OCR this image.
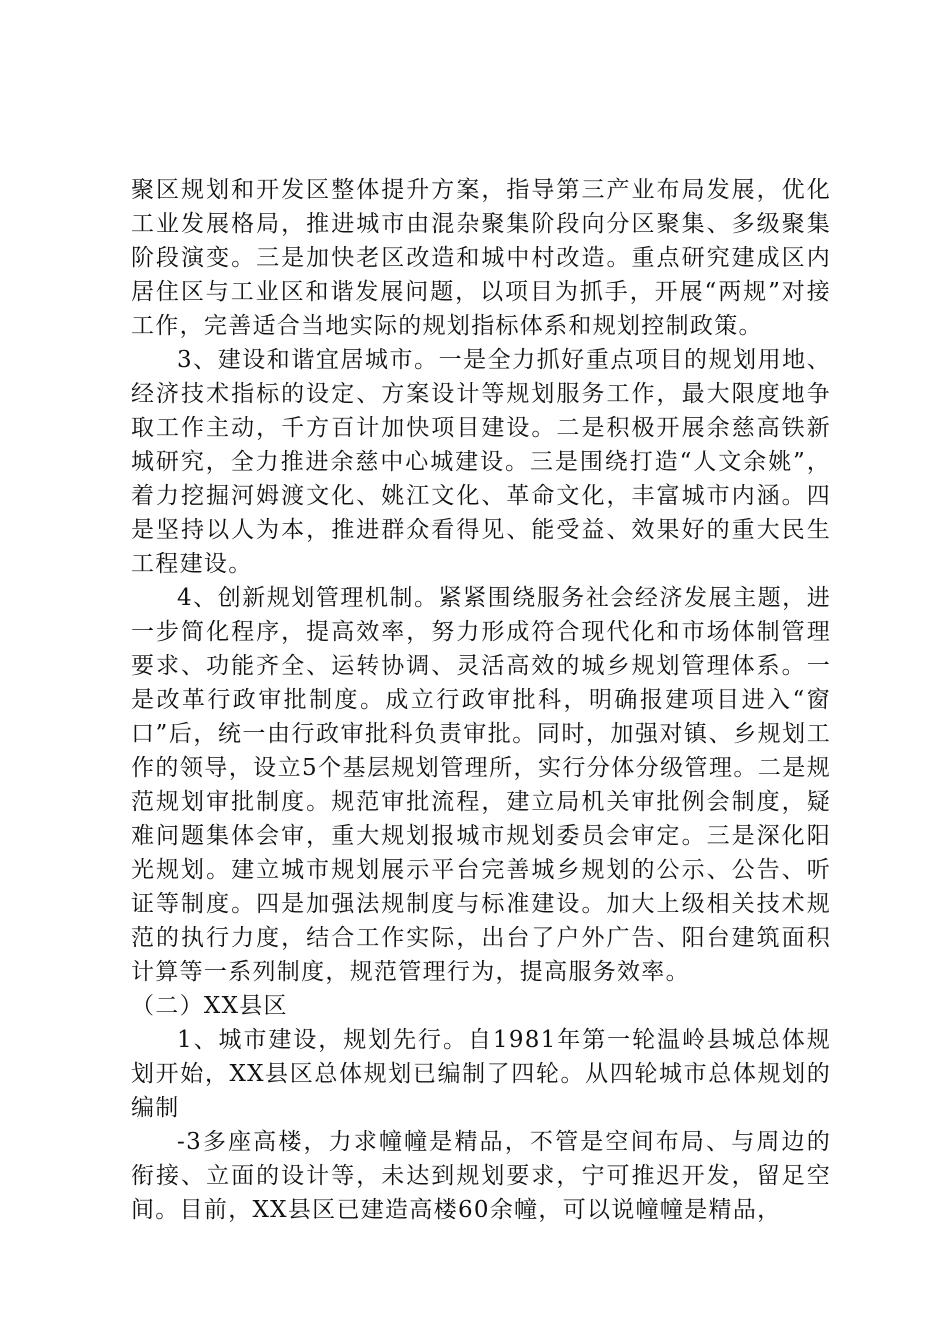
聚区规划和开发区整体提升方案，指导第三产业布局发展，优化工业发展格局，推进城市由混杂聚集阶段向分区聚集、多级聚集阶段演变。三是加快老区改造和城中村改造。重点研究建成区内居住区与工业区和谐发展问题，以项目为抓手，开展“两规”对接工作，完善适合当地实际的规划指标体系和规划控制政策。

3、建设和谐宜居城市。一是全力抓好重点项目的规划用地、经济技术指标的设定、方案设计等规划服务工作，最大限度地争取工作主动，千方百计加快项目建设。二是积极开展余慈高铁新城研究，全力推进余慈中心城建设。三是围绕打造“人文余姚”，着力挖掘河姆渡文化、姚江文化、革命文化，丰富城市内涵。四是坚持以人为本，推进群众看得见、能受益、效果好的重大民生工程建设。

4、创新规划管理机制。紧紧围绕服务社会经济发展主题，进一步简化程序，提高效率，努力形成符合现代化和市场体制管理要求、功能齐全、运转协调、灵活高效的城乡规划管理体系。一是改革行政审批制度。成立行政审批科，明确报建项目进入“窗口”后，统一由行政审批科负责审批。同时，加强对镇、乡规划工作的领导，设立5个基层规划管理所，实行分体分级管理。二是规范规划审批制度。规范审批流程，建立局机关审批例会制度，疑难问题集体会审，重大规划报城市规划委员会审定。三是深化阳光规划。建立城市规划展示平台完善城乡规划的公示、公告、听证等制度。四是加强法规制度与标准建设。加大上级相关技术规范的执行力度，结合工作实际，出台了户外广告、阳台建筑面积计算等一系列制度，规范管理行为，提高服务效率。

（二）XX县区

1、城市建设，规划先行。自1981年第一轮温岭县城总体规划开始，XX县区总体规划已编制了四轮。从四轮城市总体规划的编制

-3多座高楼，力求幢幢是精品，不管是空间布局、与周边的衔接、立面的设计等，未达到规划要求，宁可推迟开发，留足空间。目前，XX县区已建造高楼60余幢，可以说幢幢是精品，
